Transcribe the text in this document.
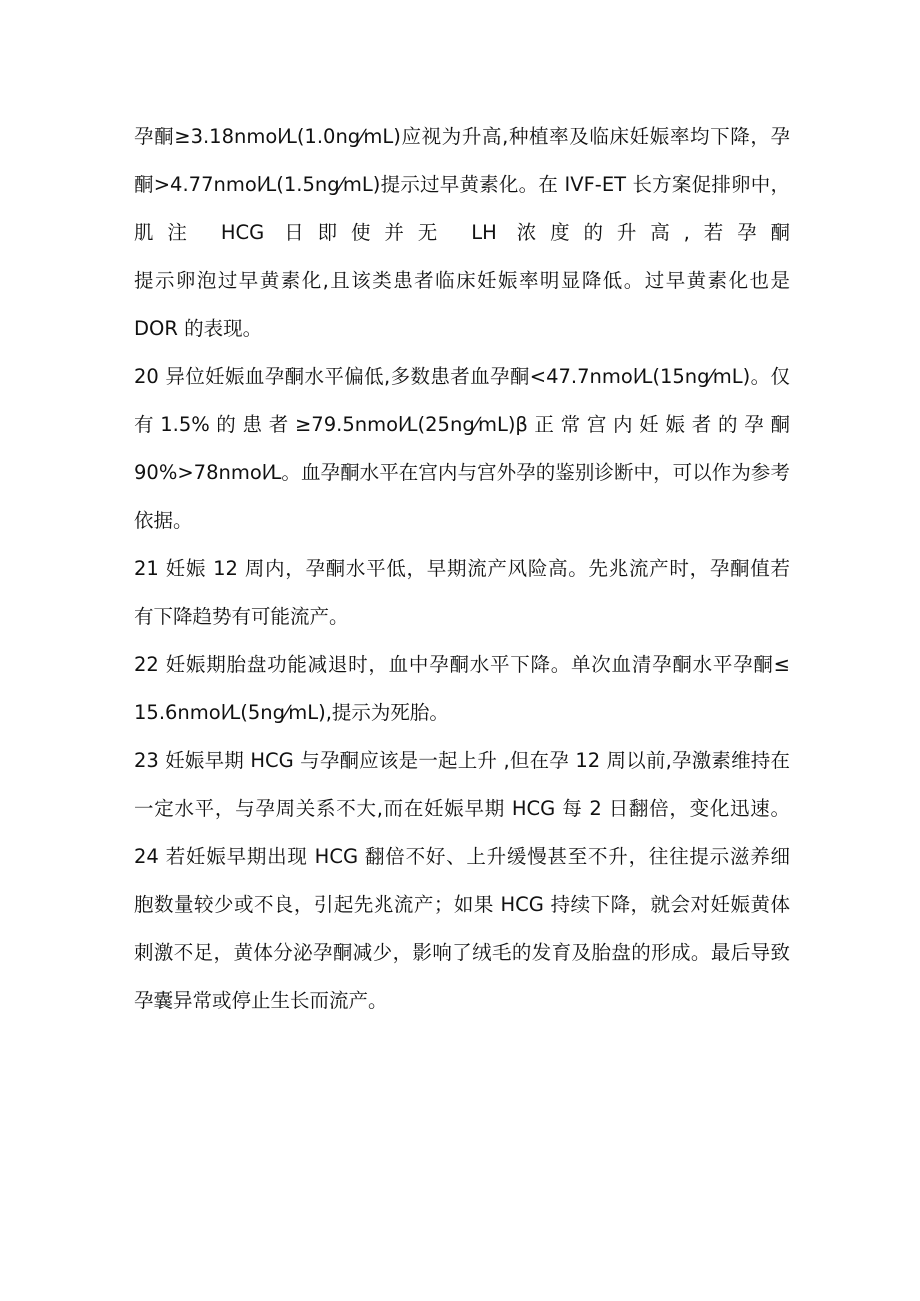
孕酮≥3.18nmol⁄L(1.0ng⁄mL)应视为升高,种植率及临床妊娠率均下降，孕
酮>4.77nmol⁄L(1.5ng⁄mL)提示过早黄素化。在 IVF-ET 长方案促排卵中，
肌注 HCG 日即使并无 LH 浓度的升高,若孕酮
提示卵泡过早黄素化,且该类患者临床妊娠率明显降低。过早黄素化也是
DOR 的表现。
20 异位妊娠血孕酮水平偏低,多数患者血孕酮<47.7nmol⁄L(15ng⁄mL)。仅
有 1.5% 的 患 者 ≥79.5nmol⁄L(25ng⁄mL)β 正 常 宫 内 妊 娠 者 的 孕 酮
90%>78nmol⁄L。血孕酮水平在宫内与宫外孕的鉴别诊断中，可以作为参考
依据。
21 妊娠 12 周内，孕酮水平低，早期流产风险高。先兆流产时，孕酮值若
有下降趋势有可能流产。
22 妊娠期胎盘功能减退时，血中孕酮水平下降。单次血清孕酮水平孕酮≤
15.6nmol⁄L(5ng⁄mL),提示为死胎。
23 妊娠早期 HCG 与孕酮应该是一起上升 ,但在孕 12 周以前,孕激素维持在
一定水平，与孕周关系不大,而在妊娠早期 HCG 每 2 日翻倍，变化迅速。
24 若妊娠早期出现 HCG 翻倍不好、上升缓慢甚至不升，往往提示滋养细
胞数量较少或不良，引起先兆流产；如果 HCG 持续下降，就会对妊娠黄体
刺激不足，黄体分泌孕酮减少，影响了绒毛的发育及胎盘的形成。最后导致
孕囊异常或停止生长而流产。
